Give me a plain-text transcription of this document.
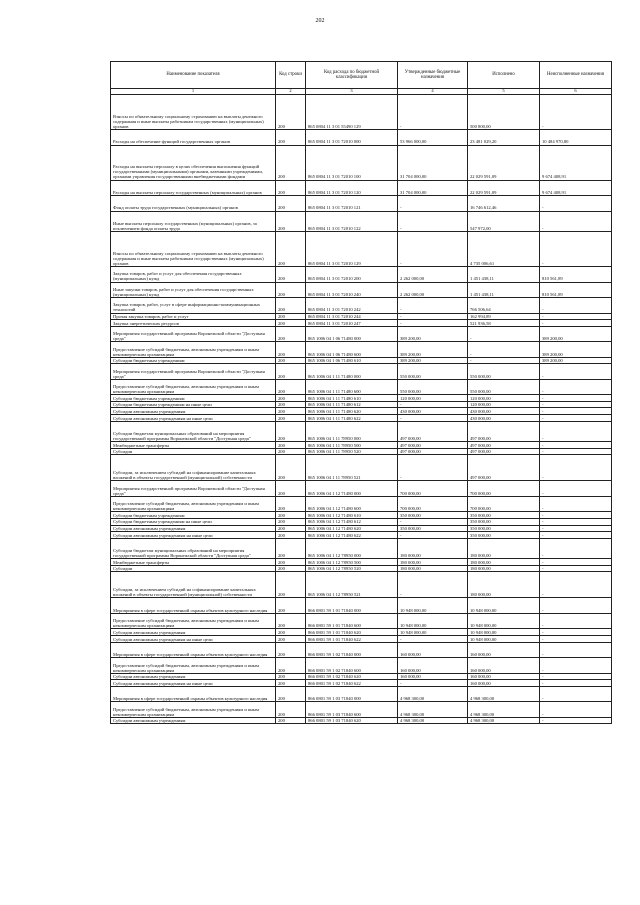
202
Наименование показателя	Код строки	Код расхода по бюджетной классификации	Утвержденные бюджетные назначения	Исполнено	Неисполненные назначения
1	2	3	4	5	6
Взносы по обязательному социальному страхованию на выплаты денежного содержания и иные выплаты работникам государственных (муниципальных) органов	200	865 0804 11 3 01 55490 129	-	500 800,00	-
Расходы на обеспечение функций государственных органов	200	865 0804 11 3 01 72010 000	53 966 000,00	23 481 029,20	10 484 970,80
Расходы на выплаты персоналу в целях обеспечения выполнения функций государственными (муниципальными) органами, казенными учреждениями, органами управления государственными внебюджетными фондами	200	865 0804 11 3 01 72010 100	31 704 000,00	22 029 591,09	9 674 408,91
Расходы на выплаты персоналу государственных (муниципальных) органов	200	865 0804 11 3 01 72010 120	31 704 000,00	22 029 591,09	9 674 408,91
Фонд оплаты труда государственных (муниципальных) органов	200	865 0804 11 3 01 72010 121	-	16 746 612,46	-
Иные выплаты персоналу государственных (муниципальных) органов, за исключением фонда оплаты труда	200	865 0804 11 3 01 72010 122	-	547 972,00	-
Взносы по обязательному социальному страхованию на выплаты денежного содержания и иные выплаты работникам государственных (муниципальных) органов	200	865 0804 11 3 01 72010 129	-	4 735 006,61	-
Закупка товаров, работ и услуг для обеспечения государственных (муниципальных) нужд	200	865 0804 11 3 01 72010 200	2 262 000,00	1 451 438,11	810 561,89
Иные закупки товаров, работ и услуг для обеспечения государственных (муниципальных) нужд	200	865 0804 11 3 01 72010 240	2 262 000,00	1 451 438,11	810 561,89
Закупка товаров, работ, услуг в сфере информационно-коммуникационных технологий	200	865 0804 11 3 01 72010 242	-	766 506,64	-
Прочая закупка товаров, работ и услуг	200	865 0804 11 3 01 72010 244	-	162 994,89	-
Закупка энергетических ресурсов	200	865 0804 11 3 01 72010 247	-	521 936,58	-
Мероприятия государственной программы Воронежской области "Доступная среда"	200	865 1006 04 1 06 71480 000	389 200,00	-	389 200,00
Предоставление субсидий бюджетным, автономным учреждениям и иным некоммерческим организациям	200	865 1006 04 1 06 71480 600	389 200,00	-	389 200,00
Субсидии бюджетным учреждениям	200	865 1006 04 1 06 71480 610	389 200,00	-	389 200,00
Мероприятия государственной программы Воронежской области "Доступная среда"	200	865 1006 04 1 11 71480 000	550 000,00	550 000,00	-
Предоставление субсидий бюджетным, автономным учреждениям и иным некоммерческим организациям	200	865 1006 04 1 11 71480 600	550 000,00	550 000,00	-
Субсидии бюджетным учреждениям	200	865 1006 04 1 11 71480 610	120 000,00	120 000,00	-
Субсидии бюджетным учреждениям на иные цели	200	865 1006 04 1 11 71480 612	-	120 000,00	-
Субсидии автономным учреждениям	200	865 1006 04 1 11 71480 620	430 000,00	430 000,00	-
Субсидии автономным учреждениям на иные цели	200	865 1006 04 1 11 71480 622	-	430 000,00	-
Субсидии бюджетам муниципальных образований на мероприятия государственной программы Воронежской области "Доступная среда"	200	865 1006 04 1 11 78950 000	497 000,00	497 000,00	-
Межбюджетные трансферты	200	865 1006 04 1 11 78950 500	497 000,00	497 000,00	-
Субсидии	200	865 1006 04 1 11 78950 520	497 000,00	497 000,00	-
Субсидии, за исключением субсидий на софинансирование капитальных вложений в объекты государственной (муниципальной) собственности	200	865 1006 04 1 11 78950 521	-	497 000,00	-
Мероприятия государственной программы Воронежской области "Доступная среда"	200	865 1006 04 1 12 71480 000	700 000,00	700 000,00	-
Предоставление субсидий бюджетным, автономным учреждениям и иным некоммерческим организациям	200	865 1006 04 1 12 71480 600	700 000,00	700 000,00	-
Субсидии бюджетным учреждениям	200	865 1006 04 1 12 71480 610	350 000,00	350 000,00	-
Субсидии бюджетным учреждениям на иные цели	200	865 1006 04 1 12 71480 612	-	350 000,00	-
Субсидии автономным учреждениям	200	865 1006 04 1 12 71480 620	350 000,00	350 000,00	-
Субсидии автономным учреждениям на иные цели	200	865 1006 04 1 12 71480 622	-	350 000,00	-
Субсидии бюджетам муниципальных образований на мероприятия государственной программы Воронежской области "Доступная среда"	200	865 1006 04 1 12 78950 000	180 000,00	180 000,00	-
Межбюджетные трансферты	200	865 1006 04 1 12 78950 500	180 000,00	180 000,00	-
Субсидии	200	865 1006 04 1 12 78950 520	180 000,00	180 000,00	-
Субсидии, за исключением субсидий на софинансирование капитальных вложений в объекты государственной (муниципальной) собственности	200	865 1006 04 1 12 78950 521	-	180 000,00	-
Мероприятия в сфере государственной охраны объектов культурного наследия	200	866 0801 59 1 01 71840 000	10 948 000,00	10 948 000,00	-
Предоставление субсидий бюджетным, автономным учреждениям и иным некоммерческим организациям	200	866 0801 59 1 01 71840 600	10 948 000,00	10 948 000,00	-
Субсидии автономным учреждениям	200	866 0801 59 1 01 71840 620	10 948 000,00	10 948 000,00	-
Субсидии автономным учреждениям на иные цели	200	866 0801 59 1 01 71840 622	-	10 948 000,00	-
Мероприятия в сфере государственной охраны объектов культурного наследия	200	866 0801 59 1 02 71840 000	160 000,00	160 000,00	-
Предоставление субсидий бюджетным, автономным учреждениям и иным некоммерческим организациям	200	866 0801 59 1 02 71840 600	160 000,00	160 000,00	-
Субсидии автономным учреждениям	200	866 0801 59 1 02 71840 620	160 000,00	160 000,00	-
Субсидии автономным учреждениям на иные цели	200	866 0801 59 1 02 71840 622	-	160 000,00	-
Мероприятия в сфере государственной охраны объектов культурного наследия	200	866 0801 59 1 03 71840 000	4 968 300,00	4 968 300,00	-
Предоставление субсидий бюджетным, автономным учреждениям и иным некоммерческим организациям	200	866 0801 59 1 03 71840 600	4 968 300,00	4 968 300,00	-
Субсидии автономным учреждениям	200	866 0801 59 1 03 71840 620	4 968 300,00	4 968 300,00	-
